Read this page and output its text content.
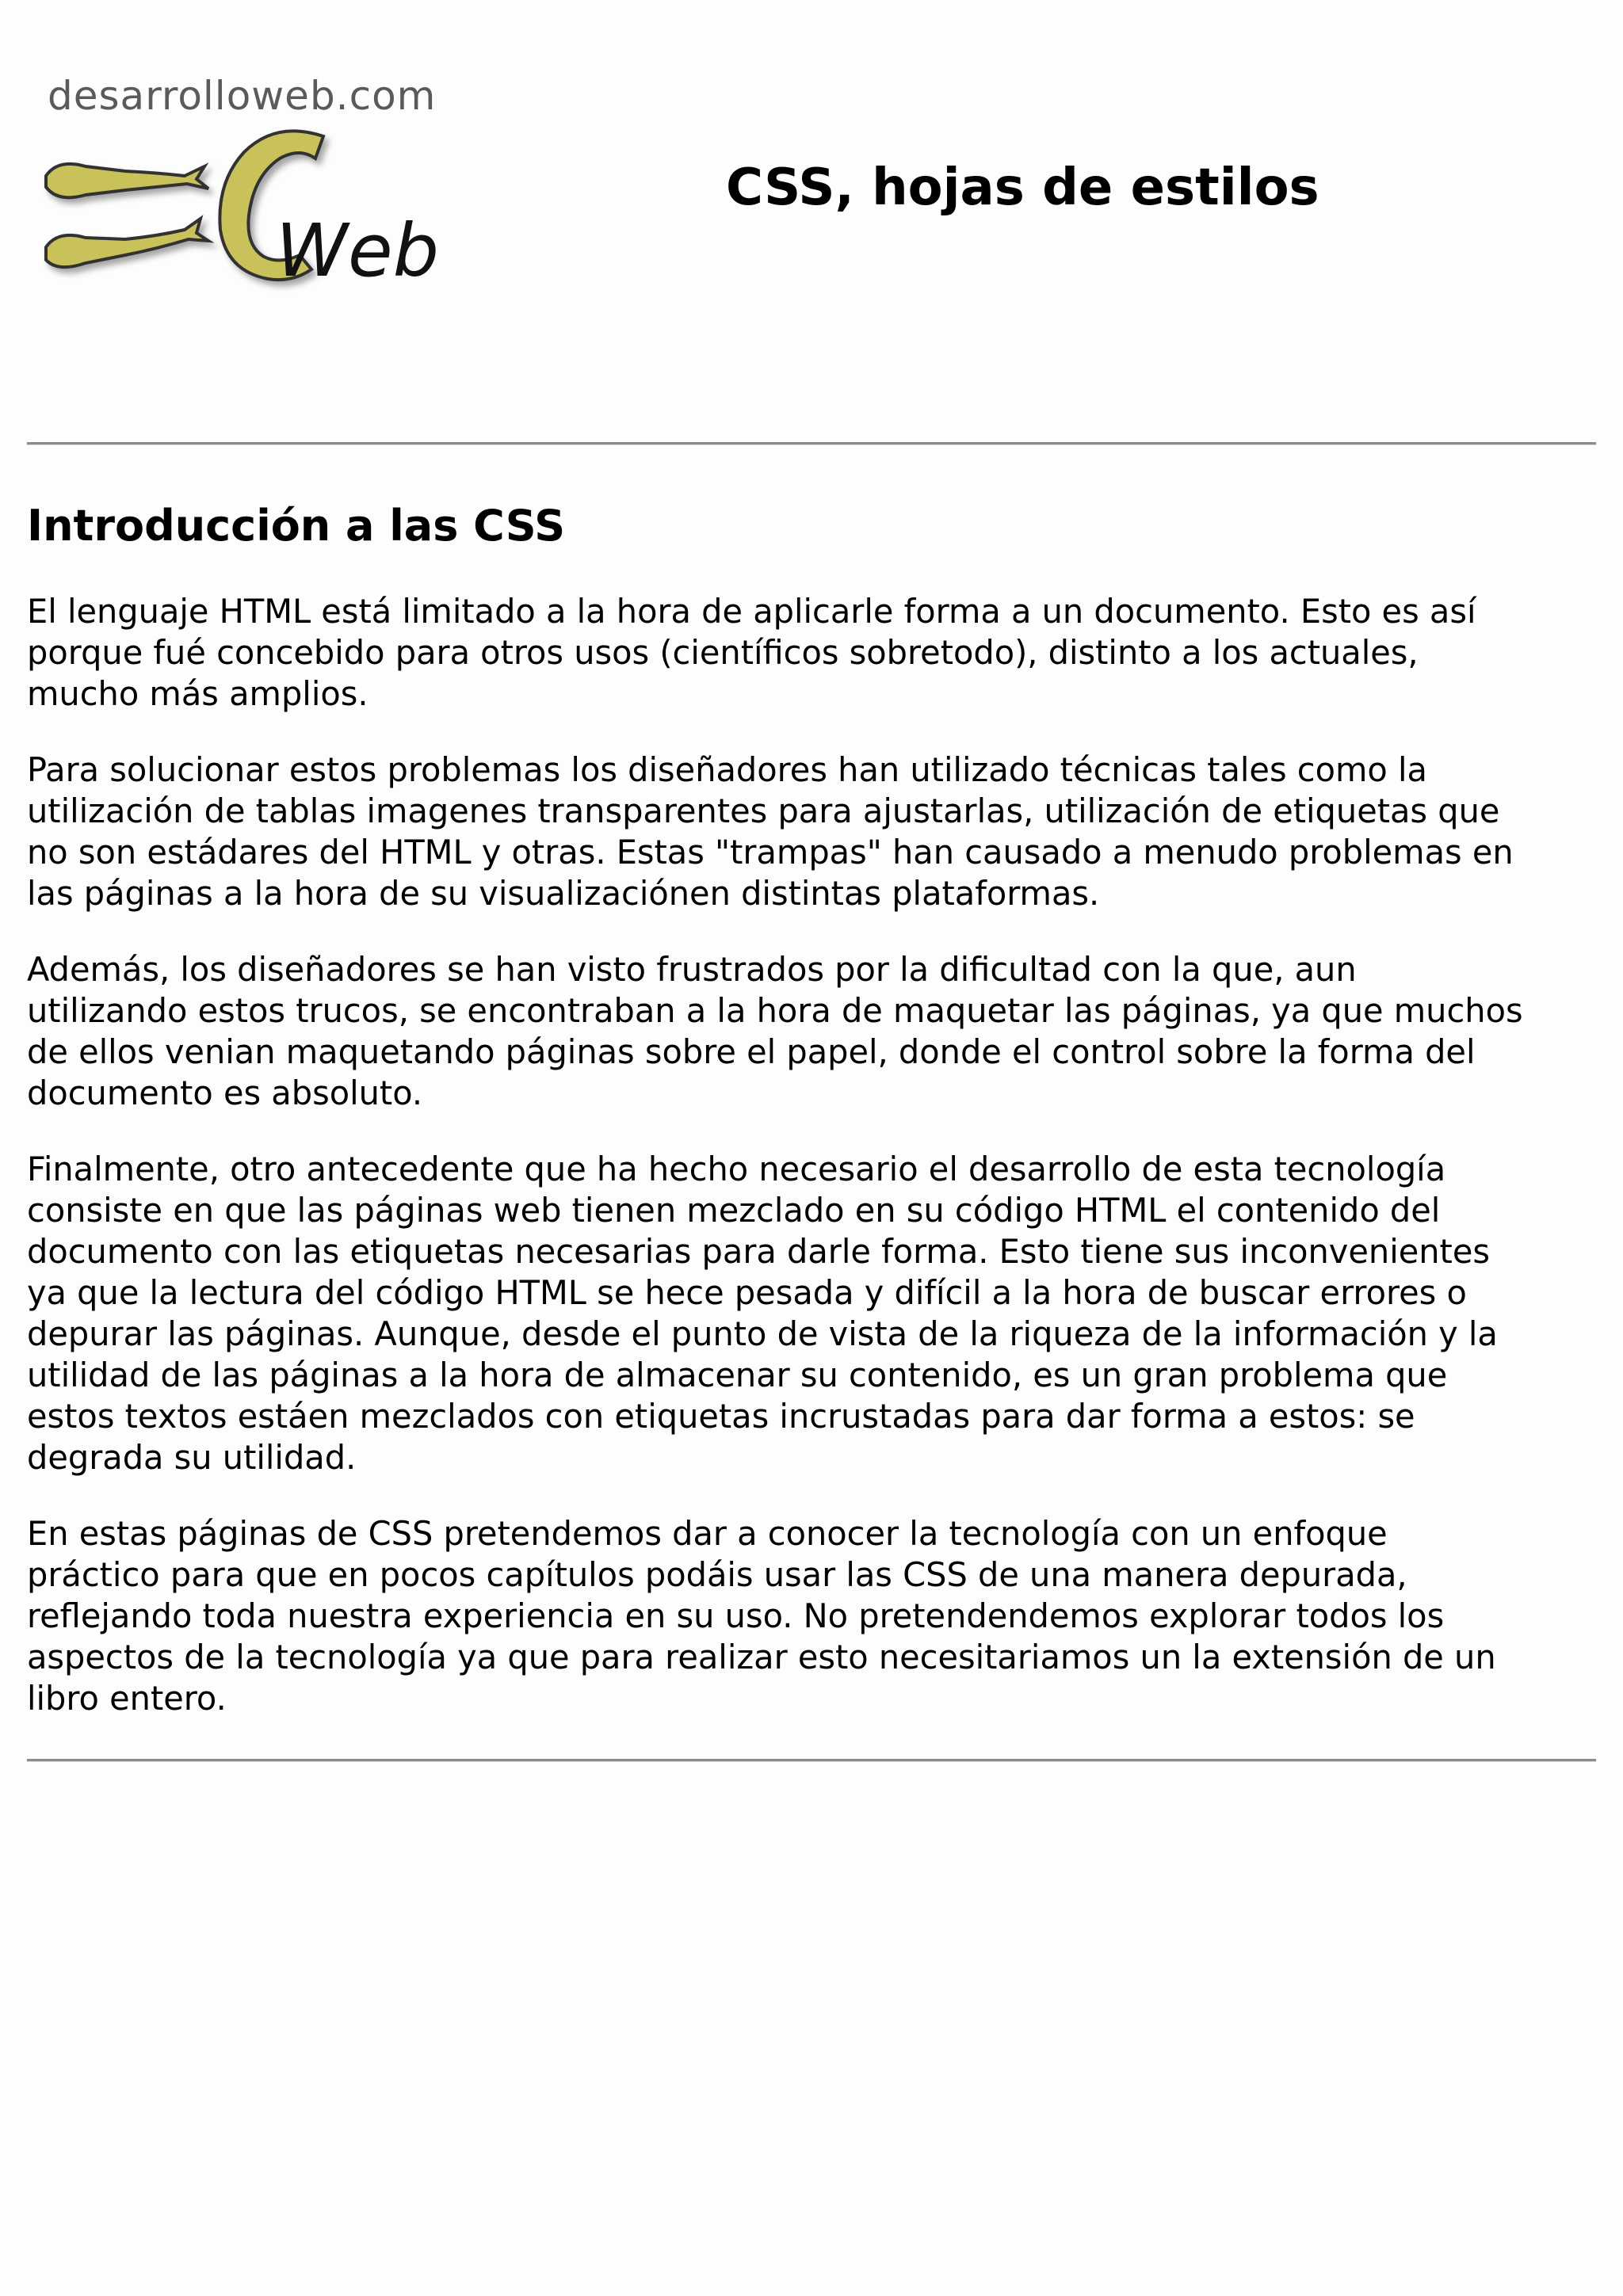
desarrolloweb.com
Web
CSS, hojas de estilos
Introducción a las CSS

El lenguaje HTML está limitado a la hora de aplicarle forma a un documento. Esto es así
porque fué concebido para otros usos (científicos sobretodo), distinto a los actuales,
mucho más amplios.

Para solucionar estos problemas los diseñadores han utilizado técnicas tales como la
utilización de tablas imagenes transparentes para ajustarlas, utilización de etiquetas que
no son estádares del HTML y otras. Estas "trampas" han causado a menudo problemas en
las páginas a la hora de su visualizaciónen distintas plataformas.

Además, los diseñadores se han visto frustrados por la dificultad con la que, aun
utilizando estos trucos, se encontraban a la hora de maquetar las páginas, ya que muchos
de ellos venian maquetando páginas sobre el papel, donde el control sobre la forma del
documento es absoluto.

Finalmente, otro antecedente que ha hecho necesario el desarrollo de esta tecnología
consiste en que las páginas web tienen mezclado en su código HTML el contenido del
documento con las etiquetas necesarias para darle forma. Esto tiene sus inconvenientes
ya que la lectura del código HTML se hece pesada y difícil a la hora de buscar errores o
depurar las páginas. Aunque, desde el punto de vista de la riqueza de la información y la
utilidad de las páginas a la hora de almacenar su contenido, es un gran problema que
estos textos estáen mezclados con etiquetas incrustadas para dar forma a estos: se
degrada su utilidad.

En estas páginas de CSS pretendemos dar a conocer la tecnología con un enfoque
práctico para que en pocos capítulos podáis usar las CSS de una manera depurada,
reflejando toda nuestra experiencia en su uso. No pretendendemos explorar todos los
aspectos de la tecnología ya que para realizar esto necesitariamos un la extensión de un
libro entero.
